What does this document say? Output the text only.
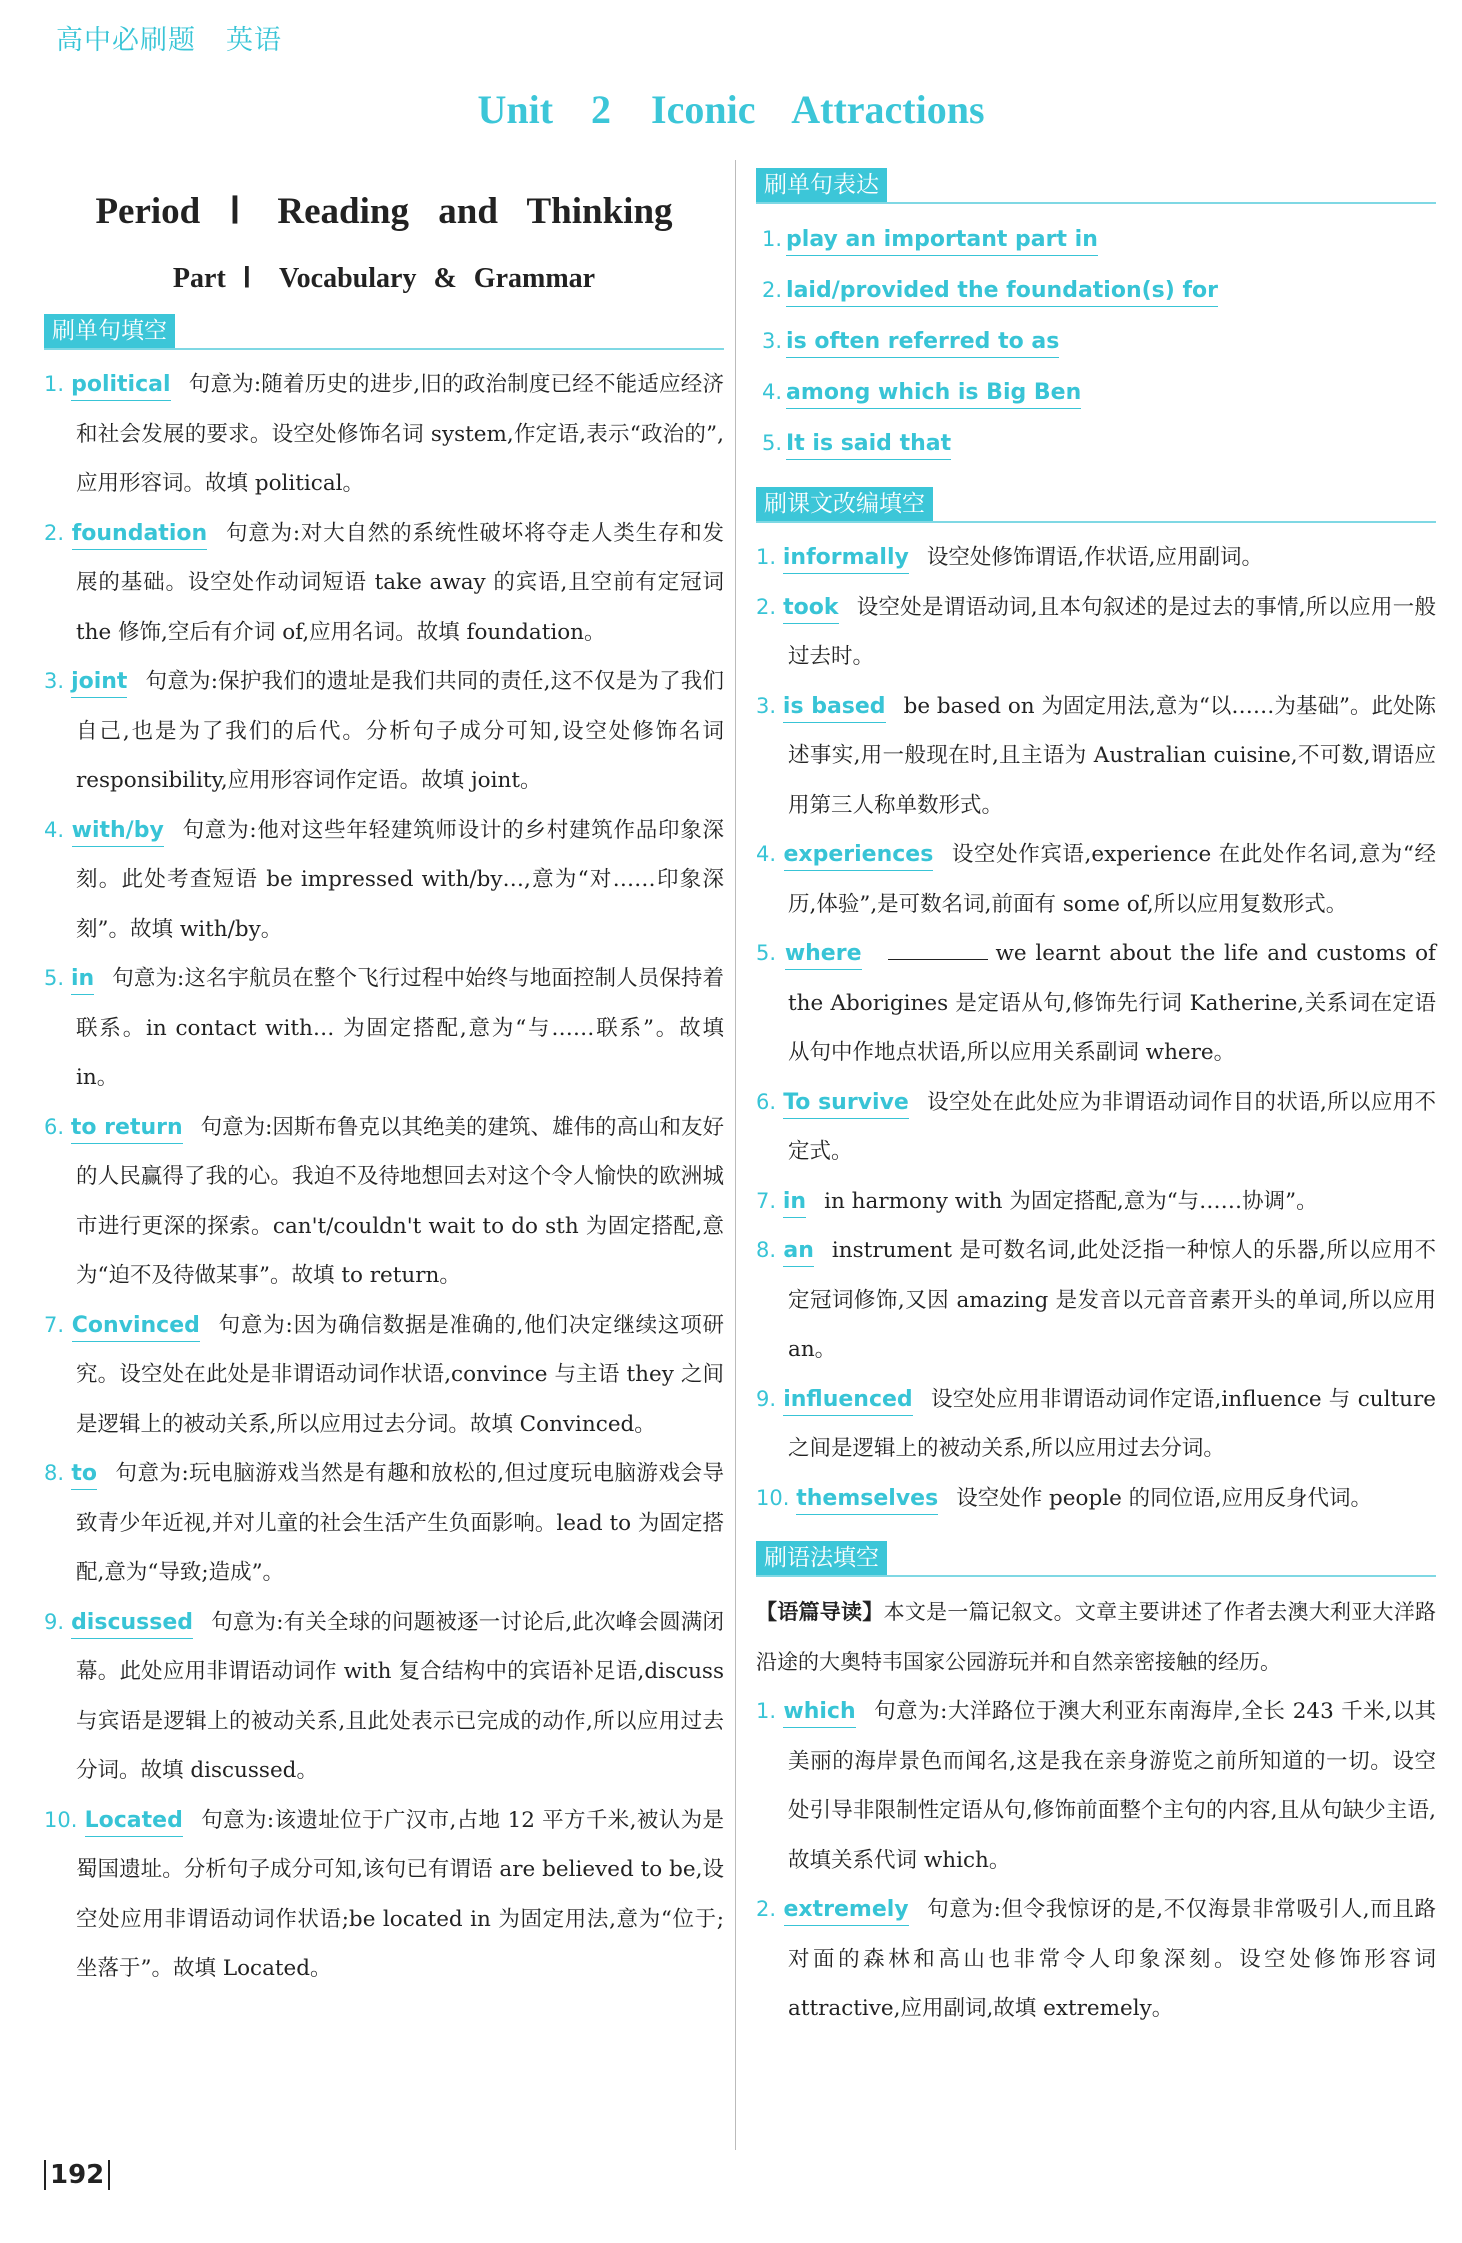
高中必刷题 英语
Unit 2　Iconic Attractions
Period Ⅰ　Reading and Thinking
Part Ⅰ　Vocabulary & Grammar
刷单句填空
1. political 句意为:随着历史的进步,旧的政治制度已经不能适应经济和社会发展的要求。设空处修饰名词 system,作定语,表示“政治的”,应用形容词。故填 political。
2. foundation 句意为:对大自然的系统性破坏将夺走人类生存和发展的基础。设空处作动词短语 take away 的宾语,且空前有定冠词 the 修饰,空后有介词 of,应用名词。故填 foundation。
3. joint 句意为:保护我们的遗址是我们共同的责任,这不仅是为了我们自己,也是为了我们的后代。分析句子成分可知,设空处修饰名词 responsibility,应用形容词作定语。故填 joint。
4. with/by 句意为:他对这些年轻建筑师设计的乡村建筑作品印象深刻。此处考查短语 be impressed with/by…,意为“对……印象深刻”。故填 with/by。
5. in 句意为:这名宇航员在整个飞行过程中始终与地面控制人员保持着联系。in contact with… 为固定搭配,意为“与……联系”。故填 in。
6. to return 句意为:因斯布鲁克以其绝美的建筑、雄伟的高山和友好的人民赢得了我的心。我迫不及待地想回去对这个令人愉快的欧洲城市进行更深的探索。can't/couldn't wait to do sth 为固定搭配,意为“迫不及待做某事”。故填 to return。
7. Convinced 句意为:因为确信数据是准确的,他们决定继续这项研究。设空处在此处是非谓语动词作状语,convince 与主语 they 之间是逻辑上的被动关系,所以应用过去分词。故填 Convinced。
8. to 句意为:玩电脑游戏当然是有趣和放松的,但过度玩电脑游戏会导致青少年近视,并对儿童的社会生活产生负面影响。lead to 为固定搭配,意为“导致;造成”。
9. discussed 句意为:有关全球的问题被逐一讨论后,此次峰会圆满闭幕。此处应用非谓语动词作 with 复合结构中的宾语补足语,discuss 与宾语是逻辑上的被动关系,且此处表示已完成的动作,所以应用过去分词。故填 discussed。
10. Located 句意为:该遗址位于广汉市,占地 12 平方千米,被认为是蜀国遗址。分析句子成分可知,该句已有谓语 are believed to be,设空处应用非谓语动词作状语;be located in 为固定用法,意为“位于;坐落于”。故填 Located。
刷单句表达
1. play an important part in
2. laid/provided the foundation(s) for
3. is often referred to as
4. among which is Big Ben
5. It is said that
刷课文改编填空
1. informally 设空处修饰谓语,作状语,应用副词。
2. took 设空处是谓语动词,且本句叙述的是过去的事情,所以应用一般过去时。
3. is based be based on 为固定用法,意为“以……为基础”。此处陈述事实,用一般现在时,且主语为 Australian cuisine,不可数,谓语应用第三人称单数形式。
4. experiences 设空处作宾语,experience 在此处作名词,意为“经历,体验”,是可数名词,前面有 some of,所以应用复数形式。
5. where	we learnt about the life and customs of the Aborigines 是定语从句,修饰先行词 Katherine,关系词在定语从句中作地点状语,所以应用关系副词 where。
6. To survive 设空处在此处应为非谓语动词作目的状语,所以应用不定式。
7. in in harmony with 为固定搭配,意为“与……协调”。
8. an instrument 是可数名词,此处泛指一种惊人的乐器,所以应用不定冠词修饰,又因 amazing 是发音以元音音素开头的单词,所以应用 an。
9. influenced 设空处应用非谓语动词作定语,influence 与 culture 之间是逻辑上的被动关系,所以应用过去分词。
10. themselves 设空处作 people 的同位语,应用反身代词。
刷语法填空
【语篇导读】本文是一篇记叙文。文章主要讲述了作者去澳大利亚大洋路沿途的大奥特韦国家公园游玩并和自然亲密接触的经历。
1. which 句意为:大洋路位于澳大利亚东南海岸,全长 243 千米,以其美丽的海岸景色而闻名,这是我在亲身游览之前所知道的一切。设空处引导非限制性定语从句,修饰前面整个主句的内容,且从句缺少主语,故填关系代词 which。
2. extremely 句意为:但令我惊讶的是,不仅海景非常吸引人,而且路对面的森林和高山也非常令人印象深刻。设空处修饰形容词 attractive,应用副词,故填 extremely。
192
